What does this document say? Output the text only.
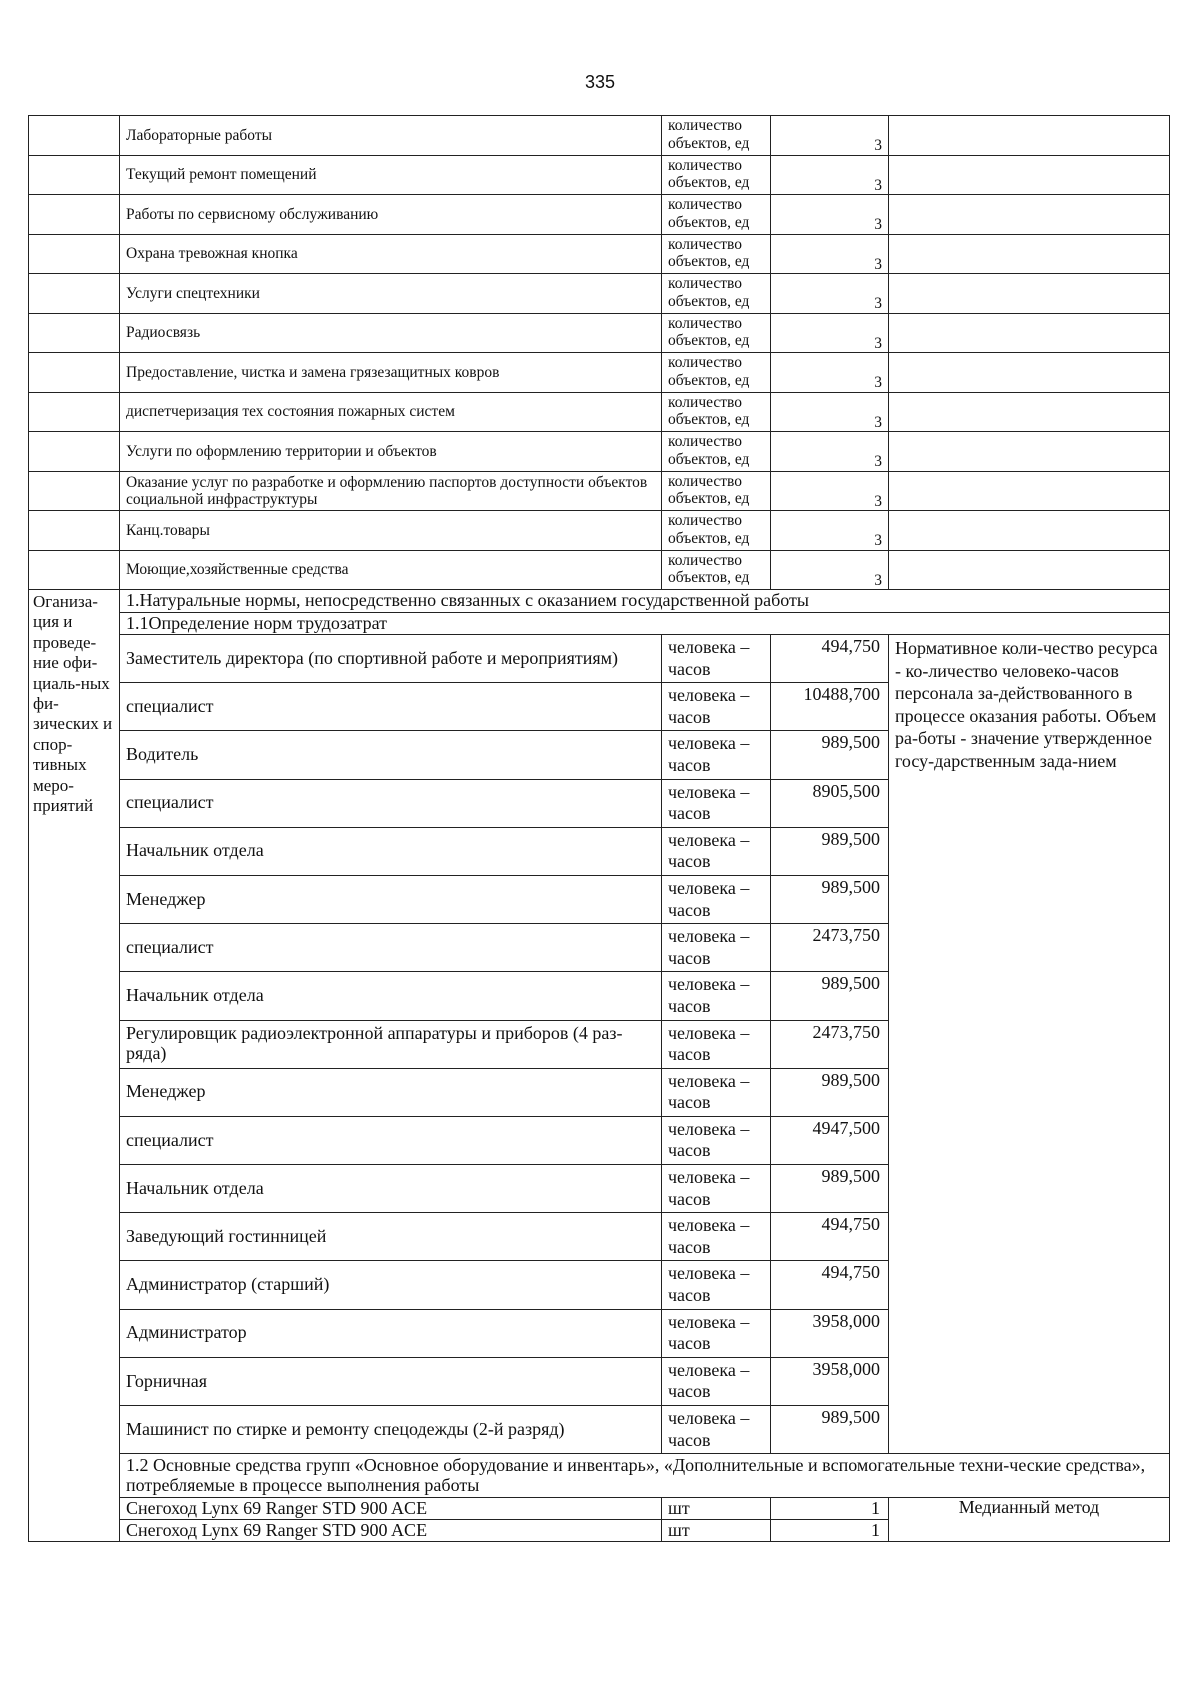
335
	Лабораторные работы	количество
объектов, ед	3	
	Текущий ремонт помещений	количество
объектов, ед	3	
	Работы по сервисному обслуживанию	количество
объектов, ед	3	
	Охрана тревожная кнопка	количество
объектов, ед	3	
	Услуги спецтехники	количество
объектов, ед	3	
	Радиосвязь	количество
объектов, ед	3	
	Предоставление, чистка и замена грязезащитных ковров	количество
объектов, ед	3	
	диспетчеризация тех состояния пожарных систем	количество
объектов, ед	3	
	Услуги по оформлению территории и объектов	количество
объектов, ед	3	
	Оказание услуг по разработке и оформлению паспортов доступности объектов социальной инфраструктуры	количество
объектов, ед	3	
	Канц.товары	количество
объектов, ед	3	
	Моющие,хозяйственные средства	количество
объектов, ед	3	
Оганиза-ция и проведе-ние офи-циаль-ных фи-зических и спор-тивных меро-приятий	1.Натуральные нормы, непосредственно связанных с оказанием государственной работы			
	1.1Определение норм трудозатрат			
	Заместитель директора (по спортивной работе и мероприятиям)	человека –
часов	494,750	Нормативное коли-чество ресурса - ко-личество человеко-часов персонала за-действованного в процессе оказания работы. Объем ра-боты - значение утвержденное госу-дарственным зада-нием
	специалист	человека –
часов	10488,700	
	Водитель	человека –
часов	989,500	
	специалист	человека –
часов	8905,500	
	Начальник отдела	человека –
часов	989,500	
	Менеджер	человека –
часов	989,500	
	специалист	человека –
часов	2473,750	
	Начальник отдела	человека –
часов	989,500	
	Регулировщик радиоэлектронной аппаратуры и приборов (4 раз-ряда)	человека –
часов	2473,750	
	Менеджер	человека –
часов	989,500	
	специалист	человека –
часов	4947,500	
	Начальник отдела	человека –
часов	989,500	
	Заведующий гостинницей	человека –
часов	494,750	
	Администратор (старший)	человека –
часов	494,750	
	Администратор	человека –
часов	3958,000	
	Горничная	человека –
часов	3958,000	
	Машинист по стирке и ремонту спецодежды (2-й разряд)	человека –
часов	989,500	
	1.2 Основные средства групп «Основное оборудование и инвентарь», «Дополнительные и вспомогательные техни-ческие средства», потребляемые в процессе выполнения работы			
	Снегоход Lynx 69 Ranger STD 900 ACE	шт	1	Медианный метод
	Снегоход Lynx 69 Ranger STD 900 ACE	шт	1	
